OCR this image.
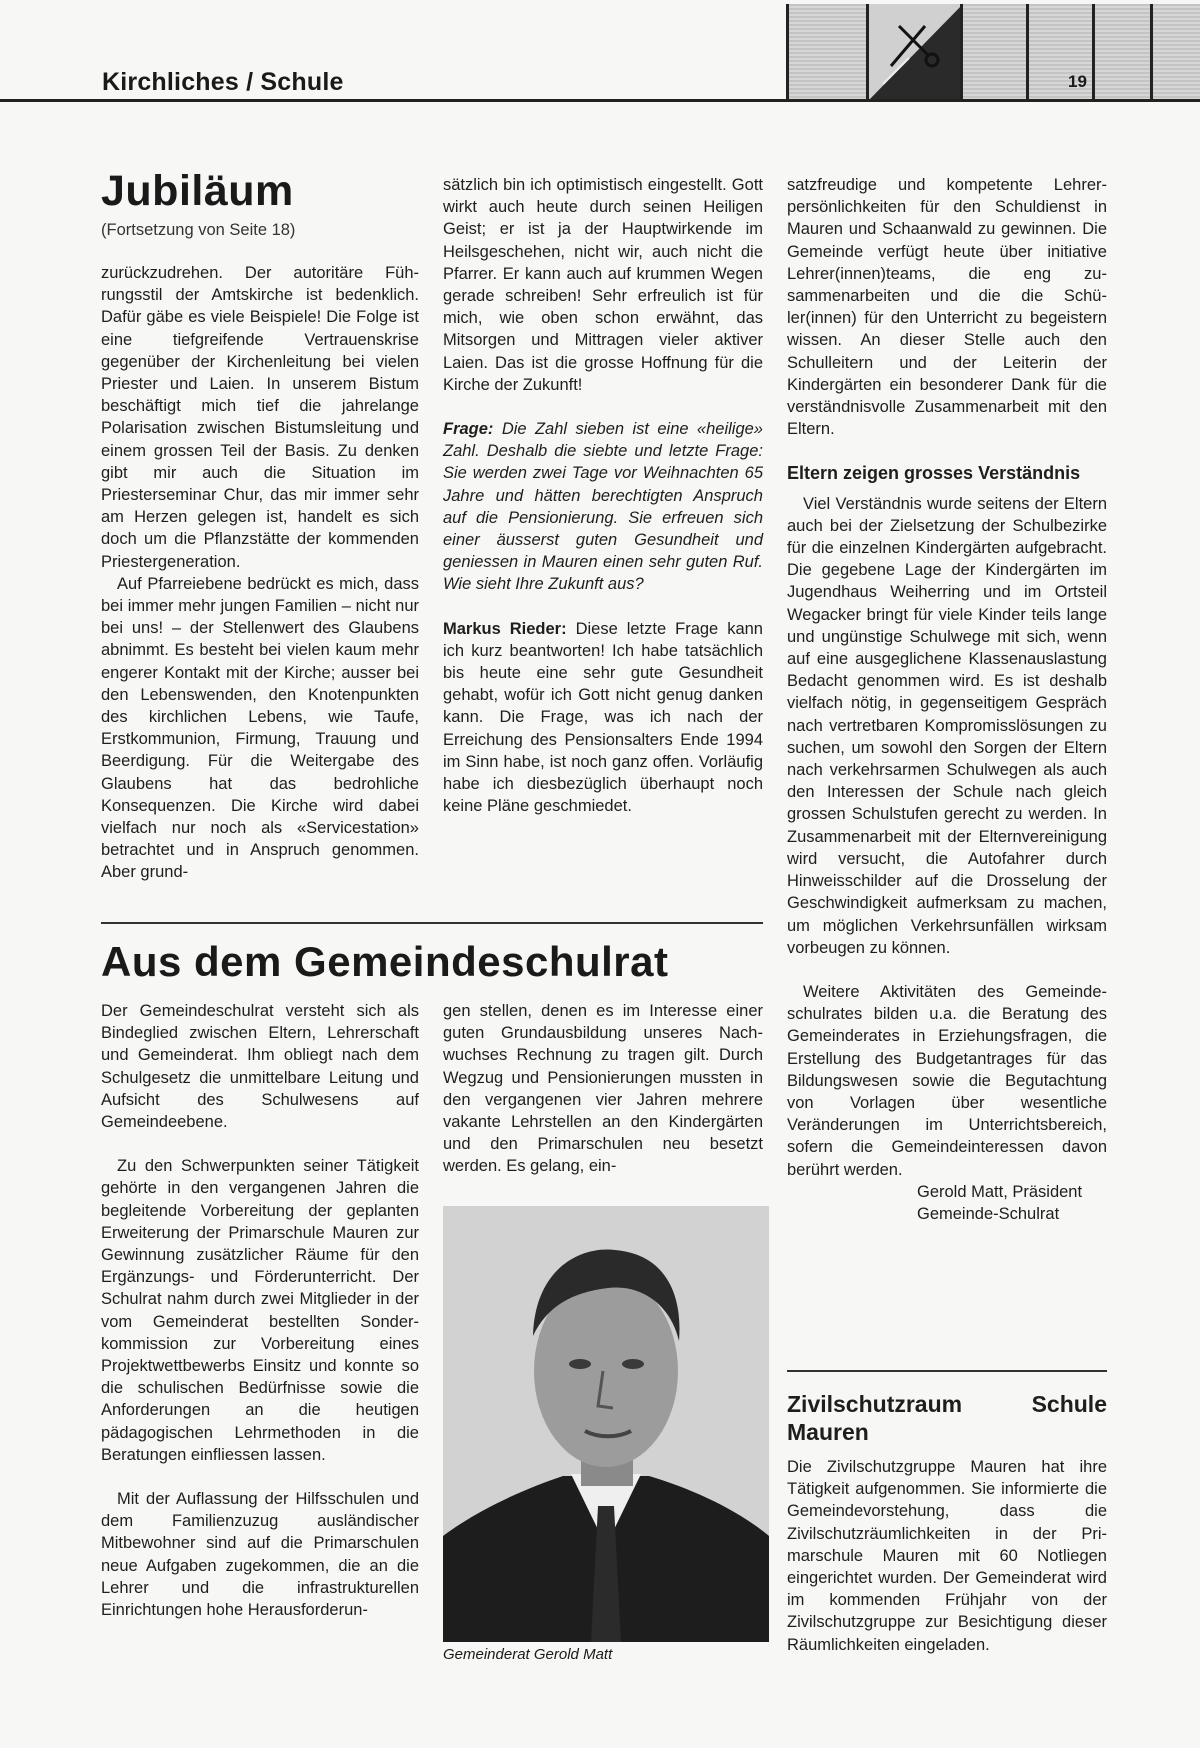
Kirchliches / Schule	19
Jubiläum
(Fortsetzung von Seite 18)

zurückzudrehen. Der autoritäre Führungsstil der Amtskirche ist bedenklich. Dafür gäbe es viele Beispiele! Die Folge ist eine tiefgreifende Vertrauenskrise gegenüber der Kirchenleitung bei vielen Priester und Laien. In unserem Bistum beschäftigt mich tief die jahrelange Polarisation zwischen Bistumsleitung und einem grossen Teil der Basis. Zu denken gibt mir auch die Situation im Priesterseminar Chur, das mir immer sehr am Herzen gelegen ist, handelt es sich doch um die Pflanzstätte der kommenden Priestergeneration.

Auf Pfarreiebene bedrückt es mich, dass bei immer mehr jungen Familien – nicht nur bei uns! – der Stellenwert des Glaubens abnimmt. Es besteht bei vielen kaum mehr engerer Kontakt mit der Kirche; ausser bei den Lebenswenden, den Knotenpunkten des kirchlichen Lebens, wie Taufe, Erstkommunion, Firmung, Trauung und Beerdigung. Für die Weitergabe des Glaubens hat das bedrohliche Konsequenzen. Die Kirche wird dabei vielfach nur noch als «Servicestation» betrachtet und in Anspruch genommen. Aber grund-

sätzlich bin ich optimistisch eingestellt. Gott wirkt auch heute durch seinen Heiligen Geist; er ist ja der Hauptwirkende im Heilsgeschehen, nicht wir, auch nicht die Pfarrer. Er kann auch auf krummen Wegen gerade schreiben! Sehr erfreulich ist für mich, wie oben schon erwähnt, das Mitsorgen und Mittragen vieler aktiver Laien. Das ist die grosse Hoffnung für die Kirche der Zukunft!

Frage: Die Zahl sieben ist eine «heilige» Zahl. Deshalb die siebte und letzte Frage: Sie werden zwei Tage vor Weihnachten 65 Jahre und hätten berechtigten Anspruch auf die Pensionierung. Sie erfreuen sich einer äusserst guten Gesundheit und geniessen in Mauren einen sehr guten Ruf. Wie sieht Ihre Zukunft aus?

Markus Rieder: Diese letzte Frage kann ich kurz beantworten! Ich habe tatsächlich bis heute eine sehr gute Gesundheit gehabt, wofür ich Gott nicht genug danken kann. Die Frage, was ich nach der Erreichung des Pensionsalters Ende 1994 im Sinn habe, ist noch ganz offen. Vorläufig habe ich diesbezüglich überhaupt noch keine Pläne geschmiedet.

Aus dem Gemeindeschulrat

Der Gemeindeschulrat versteht sich als Bindeglied zwischen Eltern, Lehrerschaft und Gemeinderat. Ihm obliegt nach dem Schulgesetz die unmittelbare Leitung und Aufsicht des Schulwesens auf Gemeindeebene.

Zu den Schwerpunkten seiner Tätigkeit gehörte in den vergangenen Jahren die begleitende Vorbereitung der geplanten Erweiterung der Primarschule Mauren zur Gewinnung zusätzlicher Räume für den Ergänzungs- und Förderunterricht. Der Schulrat nahm durch zwei Mitglieder in der vom Gemeinderat bestellten Sonderkommission zur Vorbereitung eines Projektwettbewerbs Einsitz und konnte so die schulischen Bedürfnisse sowie die Anforderungen an die heutigen pädagogischen Lehrmethoden in die Beratungen einfliessen lassen.

Mit der Auflassung der Hilfsschulen und dem Familienzuzug ausländischer Mitbewohner sind auf die Primarschulen neue Aufgaben zugekommen, die an die Lehrer und die infrastrukturellen Einrichtungen hohe Herausforderun-

gen stellen, denen es im Interesse einer guten Grundausbildung unseres Nachwuchses Rechnung zu tragen gilt. Durch Wegzug und Pensionierungen mussten in den vergangenen vier Jahren mehrere vakante Lehrstellen an den Kindergärten und den Primarschulen neu besetzt werden. Es gelang, ein-

Gemeinderat Gerold Matt

satzfreudige und kompetente Lehrerpersönlichkeiten für den Schuldienst in Mauren und Schaanwald zu gewinnen. Die Gemeinde verfügt heute über initiative Lehrer(innen)teams, die eng zusammenarbeiten und die die Schüler(innen) für den Unterricht zu begeistern wissen. An dieser Stelle auch den Schulleitern und der Leiterin der Kindergärten ein besonderer Dank für die verständnisvolle Zusammenarbeit mit den Eltern.

Eltern zeigen grosses Verständnis

Viel Verständnis wurde seitens der Eltern auch bei der Zielsetzung der Schulbezirke für die einzelnen Kindergärten aufgebracht. Die gegebene Lage der Kindergärten im Jugendhaus Weiherring und im Ortsteil Wegacker bringt für viele Kinder teils lange und ungünstige Schulwege mit sich, wenn auf eine ausgeglichene Klassenauslastung Bedacht genommen wird. Es ist deshalb vielfach nötig, in gegenseitigem Gespräch nach vertretbaren Kompromisslösungen zu suchen, um sowohl den Sorgen der Eltern nach verkehrsarmen Schulwegen als auch den Interessen der Schule nach gleich grossen Schulstufen gerecht zu werden. In Zusammenarbeit mit der Elternvereinigung wird versucht, die Autofahrer durch Hinweisschilder auf die Drosselung der Geschwindigkeit aufmerksam zu machen, um möglichen Verkehrsunfällen wirksam vorbeugen zu können.

Weitere Aktivitäten des Gemeindeschulrates bilden u.a. die Beratung des Gemeinderates in Erziehungsfragen, die Erstellung des Budgetantrages für das Bildungswesen sowie die Begutachtung von Vorlagen über wesentliche Veränderungen im Unterrichtsbereich, sofern die Gemeindeinteressen davon berührt werden.

Gerold Matt, Präsident

Gemeinde-Schulrat

Zivilschutzraum Schule Mauren

Die Zivilschutzgruppe Mauren hat ihre Tätigkeit aufgenommen. Sie informierte die Gemeindevorstehung, dass die Zivilschutzräumlichkeiten in der Primarschule Mauren mit 60 Notliegen eingerichtet wurden. Der Gemeinderat wird im kommenden Frühjahr von der Zivilschutzgruppe zur Besichtigung dieser Räumlichkeiten eingeladen.
